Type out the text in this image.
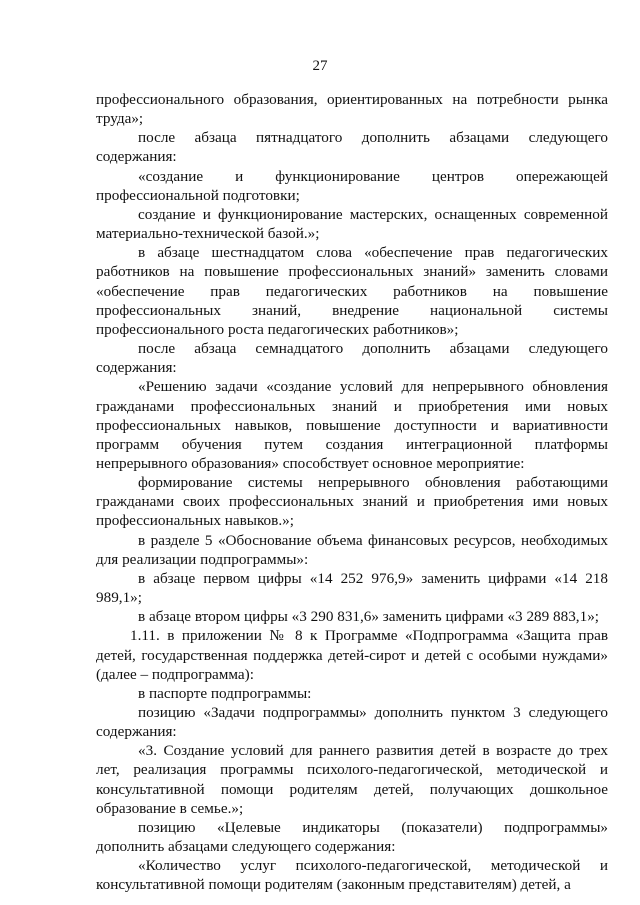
27

профессионального образования, ориентированных на потребности рынка труда»;

после абзаца пятнадцатого дополнить абзацами следующего содержания:

«создание и функционирование центров опережающей профессиональной подготовки;

создание и функционирование мастерских, оснащенных современной материально-технической базой.»;

в абзаце шестнадцатом слова «обеспечение прав педагогических работников на повышение профессиональных знаний» заменить словами «обеспечение прав педагогических работников на повышение профессиональных знаний, внедрение национальной системы профессионального роста педагогических работников»;

после абзаца семнадцатого дополнить абзацами следующего содержания:

«Решению задачи «создание условий для непрерывного обновления гражданами профессиональных знаний и приобретения ими новых профессиональных навыков, повышение доступности и вариативности программ обучения путем создания интеграционной платформы непрерывного образования» способствует основное мероприятие:

формирование системы непрерывного обновления работающими гражданами своих профессиональных знаний и приобретения ими новых профессиональных навыков.»;

в разделе 5 «Обоснование объема финансовых ресурсов, необходимых для реализации подпрограммы»:

в абзаце первом цифры «14 252 976,9» заменить цифрами «14 218 989,1»;

в абзаце втором цифры «3 290 831,6» заменить цифрами «3 289 883,1»;

1.11. в приложении № 8 к Программе «Подпрограмма «Защита прав детей, государственная поддержка детей-сирот и детей с особыми нуждами» (далее – подпрограмма):

в паспорте подпрограммы:

позицию «Задачи подпрограммы» дополнить пунктом 3 следующего содержания:

«3. Создание условий для раннего развития детей в возрасте до трех лет, реализация программы психолого-педагогической, методической и консультативной помощи родителям детей, получающих дошкольное образование в семье.»;

позицию «Целевые индикаторы (показатели) подпрограммы» дополнить абзацами следующего содержания:

«Количество услуг психолого-педагогической, методической и консультативной помощи родителям (законным представителям) детей, а
